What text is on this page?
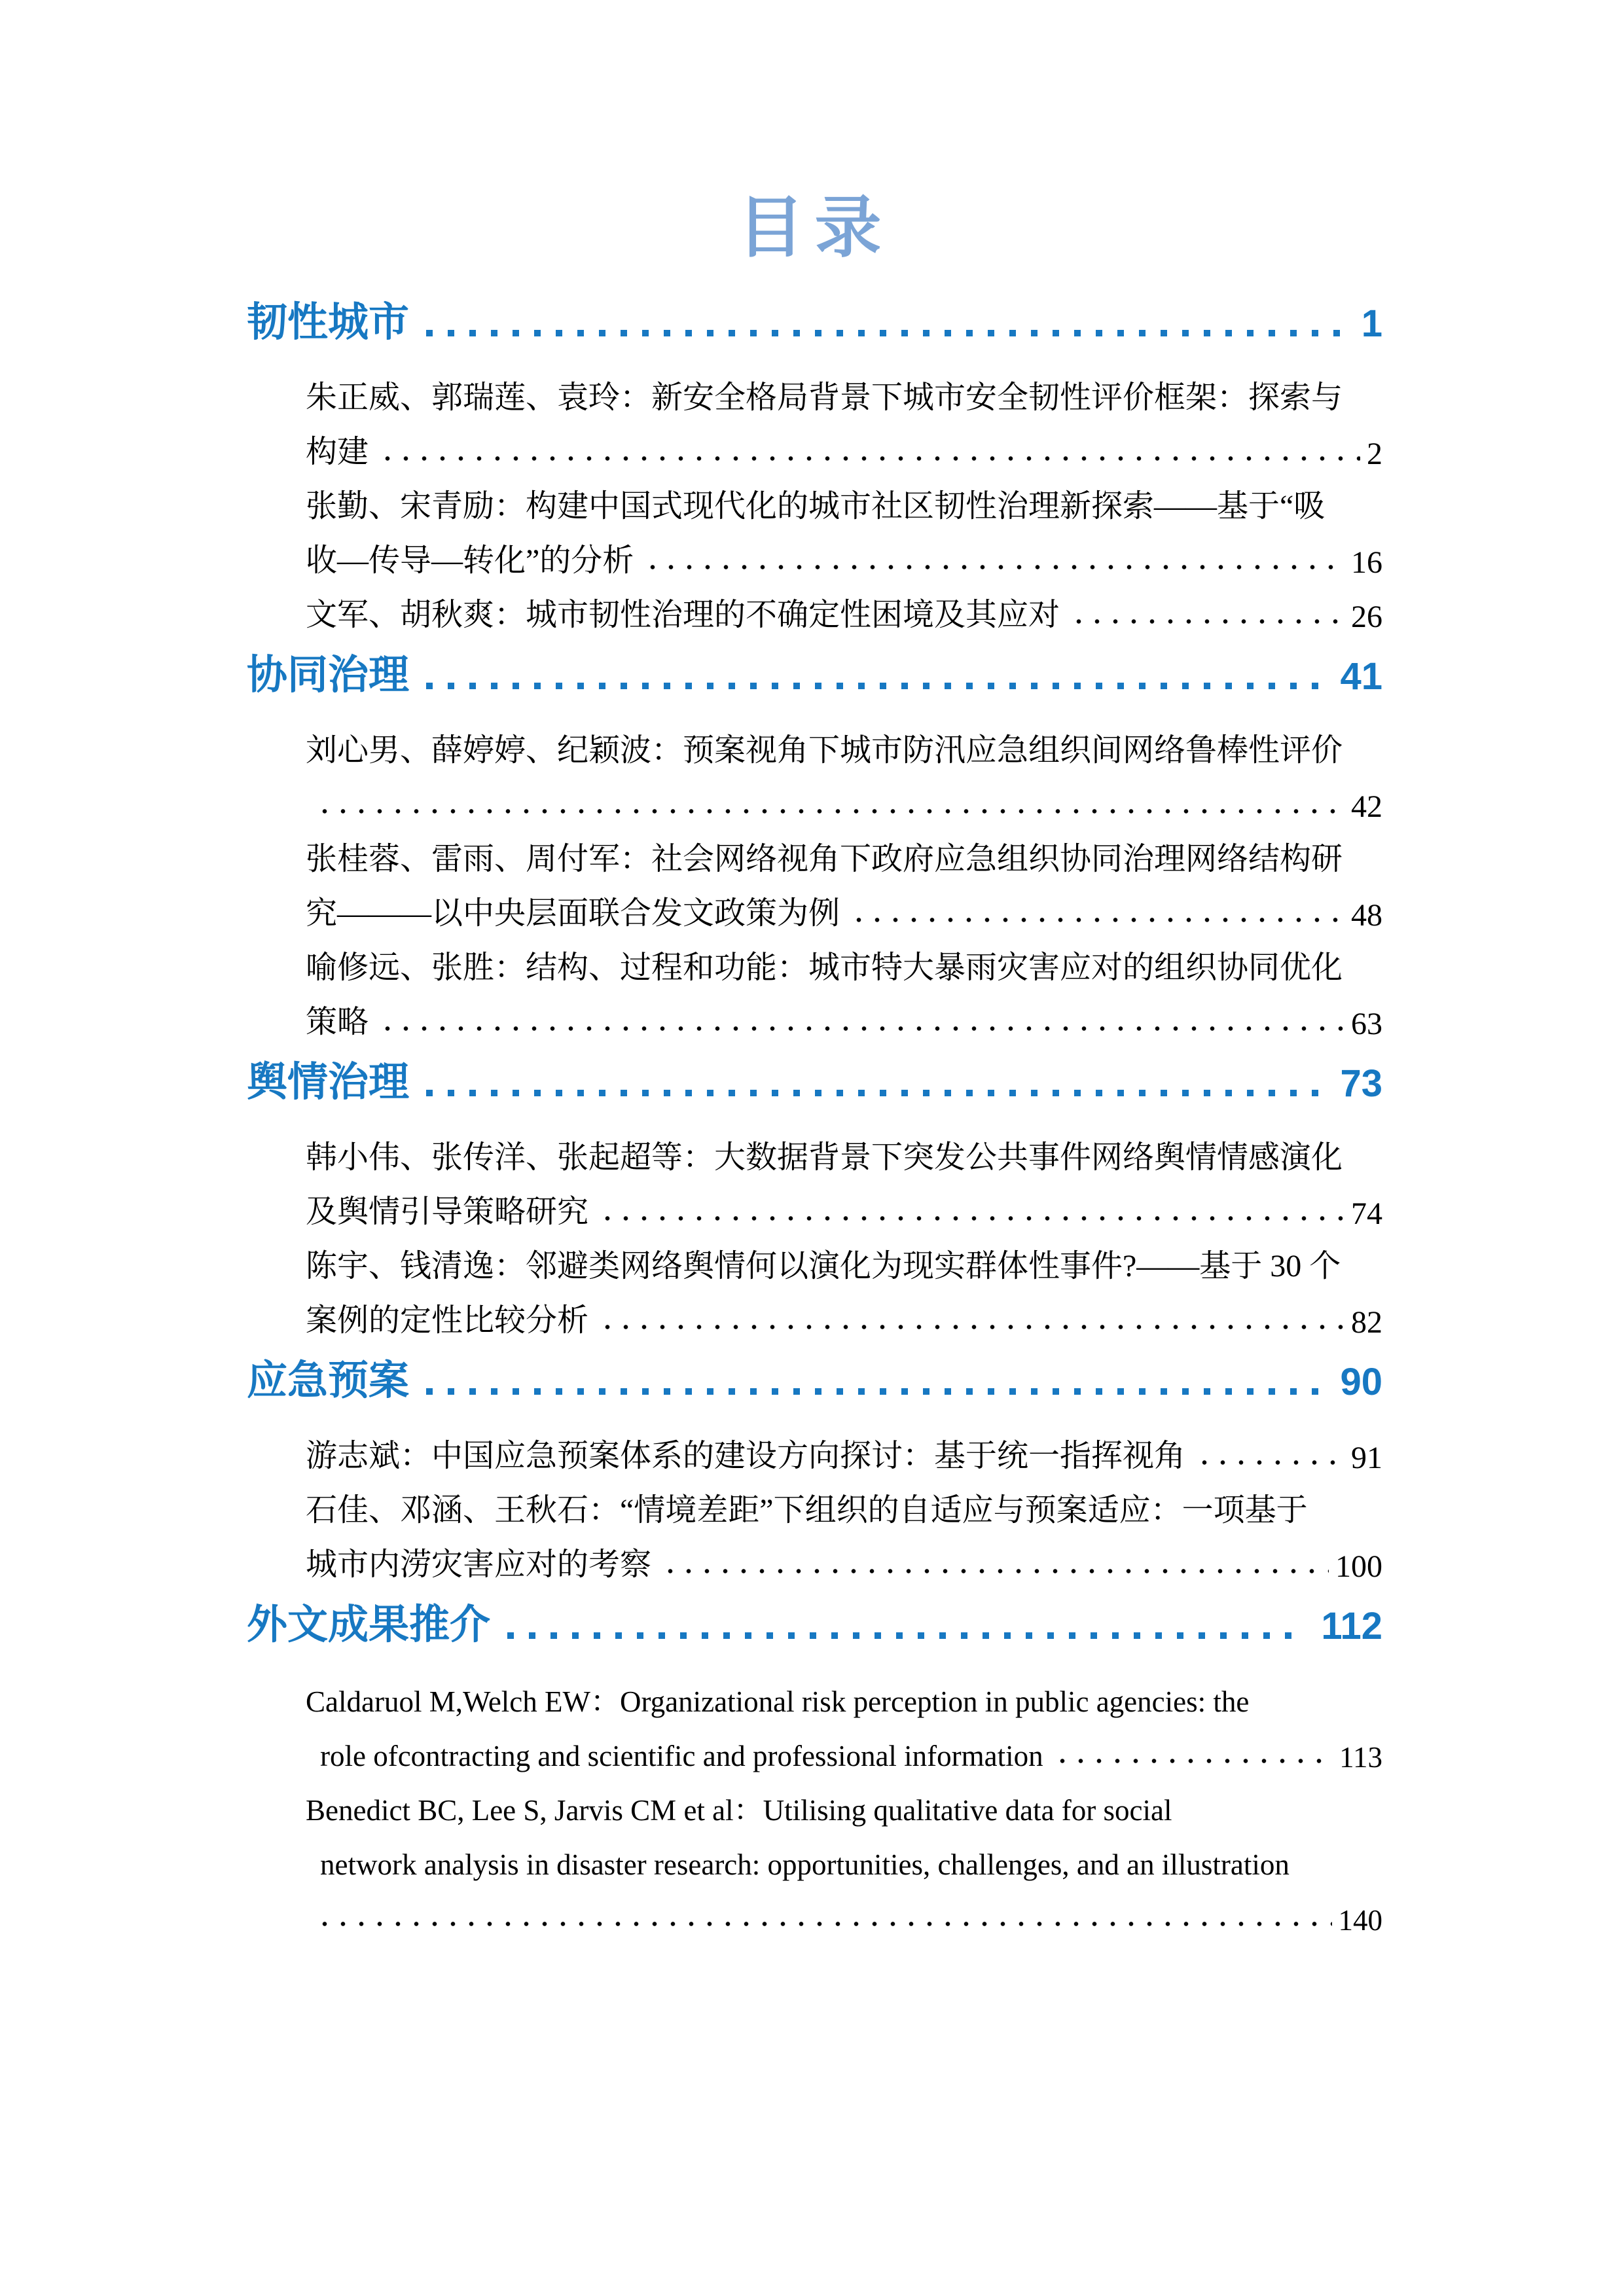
目录
韧性城市	1
朱正威、郭瑞莲、袁玲：新安全格局背景下城市安全韧性评价框架：探索与
构建	2
张勤、宋青励：构建中国式现代化的城市社区韧性治理新探索——基于“吸
收—传导—转化”的分析	16
文军、胡秋爽：城市韧性治理的不确定性困境及其应对	26
协同治理	41
刘心男、薛婷婷、纪颖波：预案视角下城市防汛应急组织间网络鲁棒性评价
42
张桂蓉、雷雨、周付军：社会网络视角下政府应急组织协同治理网络结构研
究———以中央层面联合发文政策为例	48
喻修远、张胜：结构、过程和功能：城市特大暴雨灾害应对的组织协同优化
策略	63
舆情治理	73
韩小伟、张传洋、张起超等：大数据背景下突发公共事件网络舆情情感演化
及舆情引导策略研究	74
陈宇、钱清逸：邻避类网络舆情何以演化为现实群体性事件?——基于 30 个
案例的定性比较分析	82
应急预案	90
游志斌：中国应急预案体系的建设方向探讨：基于统一指挥视角	91
石佳、邓涵、王秋石：“情境差距”下组织的自适应与预案适应：一项基于
城市内涝灾害应对的考察	100
外文成果推介	112
Caldaruol M,Welch EW：Organizational risk perception in public agencies: the
role ofcontracting and scientific and professional information	113
Benedict BC, Lee S, Jarvis CM et al：Utilising qualitative data for social
network analysis in disaster research: opportunities, challenges, and an illustration
140
